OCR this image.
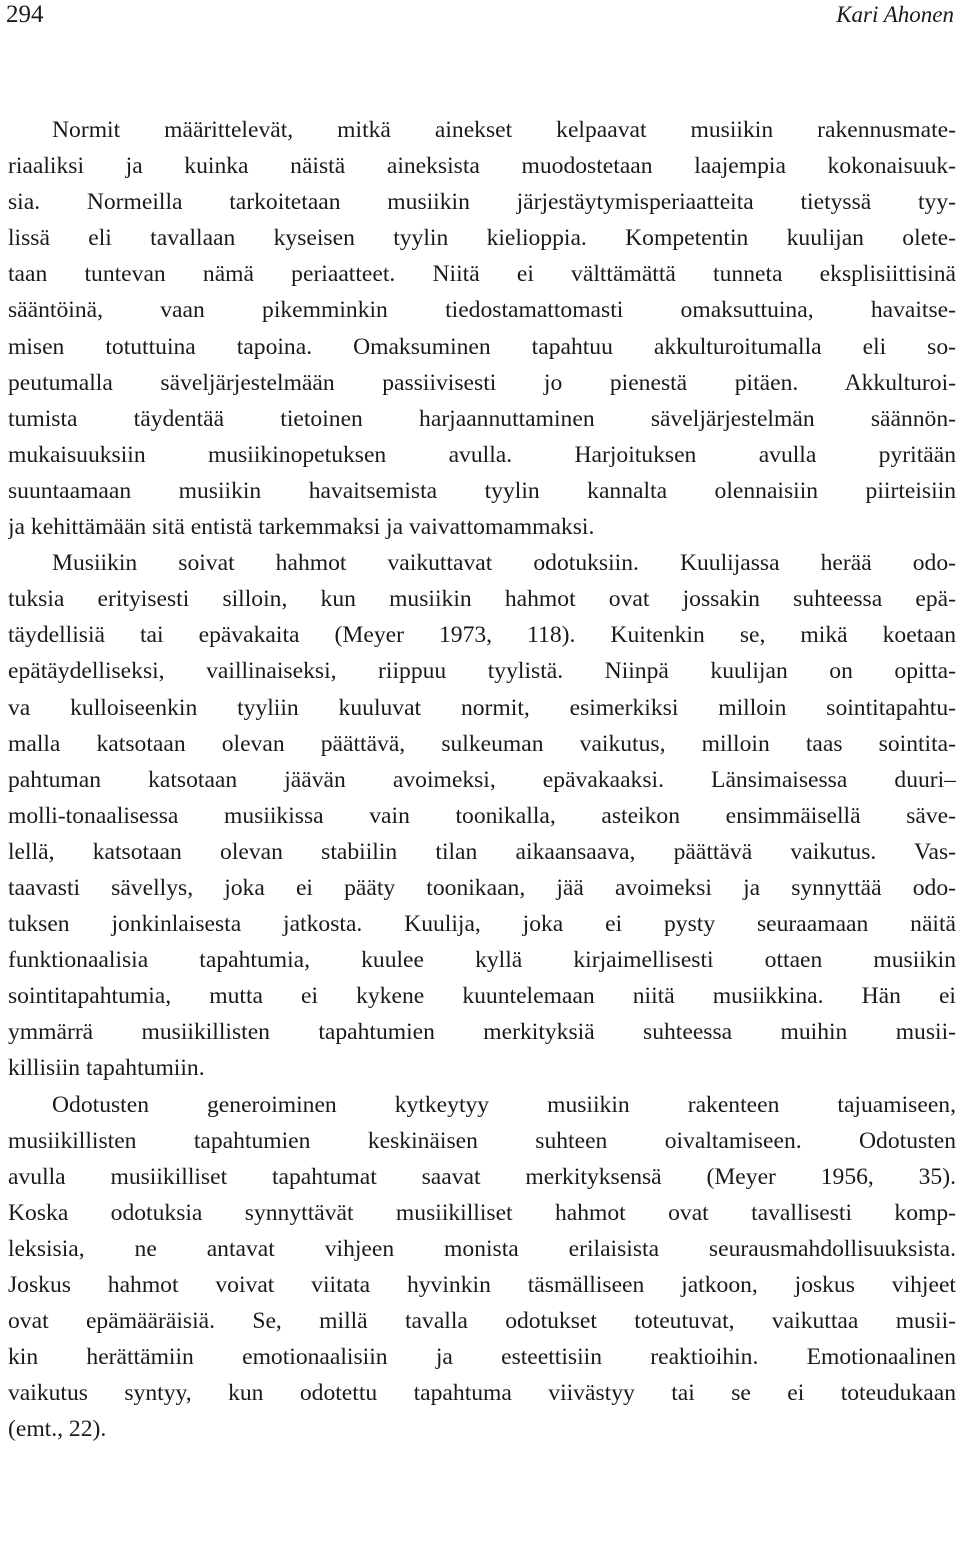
294	Kari Ahonen
Normit määrittelevät, mitkä ainekset kelpaavat musiikin rakennusmate-
riaaliksi ja kuinka näistä aineksista muodostetaan laajempia kokonaisuuk-
sia. Normeilla tarkoitetaan musiikin järjestäytymisperiaatteita tietyssä tyy-
lissä eli tavallaan kyseisen tyylin kielioppia. Kompetentin kuulijan olete-
taan tuntevan nämä periaatteet. Niitä ei välttämättä tunneta eksplisiittisinä
sääntöinä, vaan pikemminkin tiedostamattomasti omaksuttuina, havaitse-
misen totuttuina tapoina. Omaksuminen tapahtuu akkulturoitumalla eli so-
peutumalla säveljärjestelmään passiivisesti jo pienestä pitäen. Akkulturoi-
tumista täydentää tietoinen harjaannuttaminen säveljärjestelmän säännön-
mukaisuuksiin musiikinopetuksen avulla. Harjoituksen avulla pyritään
suuntaamaan musiikin havaitsemista tyylin kannalta olennaisiin piirteisiin
ja kehittämään sitä entistä tarkemmaksi ja vaivattomammaksi.
Musiikin soivat hahmot vaikuttavat odotuksiin. Kuulijassa herää odo-
tuksia erityisesti silloin, kun musiikin hahmot ovat jossakin suhteessa epä-
täydellisiä tai epävakaita (Meyer 1973, 118). Kuitenkin se, mikä koetaan
epätäydelliseksi, vaillinaiseksi, riippuu tyylistä. Niinpä kuulijan on opitta-
va kulloiseenkin tyyliin kuuluvat normit, esimerkiksi milloin sointitapahtu-
malla katsotaan olevan päättävä, sulkeuman vaikutus, milloin taas sointita-
pahtuman katsotaan jäävän avoimeksi, epävakaaksi. Länsimaisessa duuri–
molli-tonaalisessa musiikissa vain toonikalla, asteikon ensimmäisellä säve-
lellä, katsotaan olevan stabiilin tilan aikaansaava, päättävä vaikutus. Vas-
taavasti sävellys, joka ei pääty toonikaan, jää avoimeksi ja synnyttää odo-
tuksen jonkinlaisesta jatkosta. Kuulija, joka ei pysty seuraamaan näitä
funktionaalisia tapahtumia, kuulee kyllä kirjaimellisesti ottaen musiikin
sointitapahtumia, mutta ei kykene kuuntelemaan niitä musiikkina. Hän ei
ymmärrä musiikillisten tapahtumien merkityksiä suhteessa muihin musii-
killisiin tapahtumiin.
Odotusten generoiminen kytkeytyy musiikin rakenteen tajuamiseen,
musiikillisten tapahtumien keskinäisen suhteen oivaltamiseen. Odotusten
avulla musiikilliset tapahtumat saavat merkityksensä (Meyer 1956, 35).
Koska odotuksia synnyttävät musiikilliset hahmot ovat tavallisesti komp-
leksisia, ne antavat vihjeen monista erilaisista seurausmahdollisuuksista.
Joskus hahmot voivat viitata hyvinkin täsmälliseen jatkoon, joskus vihjeet
ovat epämääräisiä. Se, millä tavalla odotukset toteutuvat, vaikuttaa musii-
kin herättämiin emotionaalisiin ja esteettisiin reaktioihin. Emotionaalinen
vaikutus syntyy, kun odotettu tapahtuma viivästyy tai se ei toteudukaan
(emt., 22).
